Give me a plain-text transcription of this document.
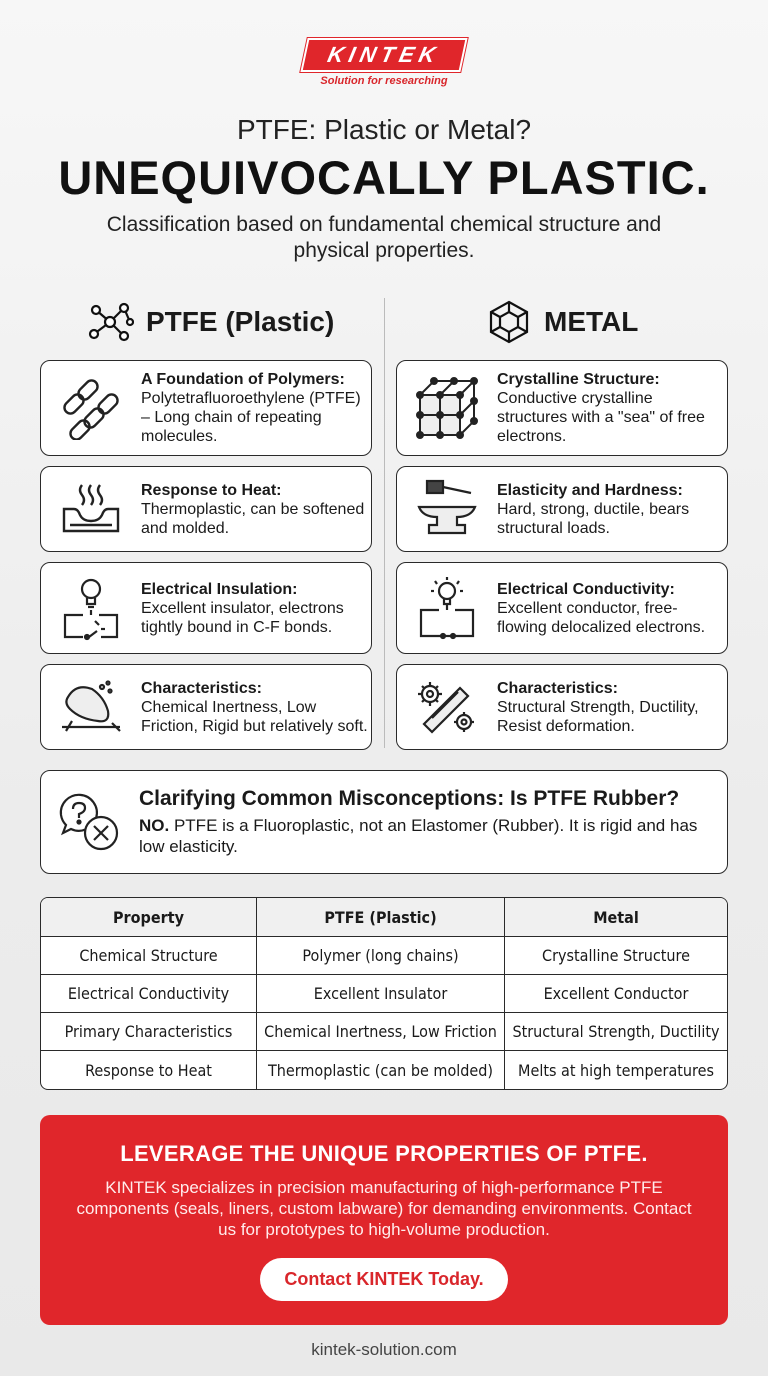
KINTEK
Solution for researching
PTFE: Plastic or Metal?
UNEQUIVOCALLY PLASTIC.
Classification based on fundamental chemical structure and physical properties.
PTFE (Plastic)	METAL
A Foundation of Polymers:
Polytetrafluoroethylene (PTFE) – Long chain of repeating molecules.
Response to Heat:
Thermoplastic, can be softened and molded.
Electrical Insulation:
Excellent insulator, electrons tightly bound in C-F bonds.
Characteristics:
Chemical Inertness, Low Friction, Rigid but relatively soft.
Crystalline Structure:
Conductive crystalline structures with a "sea" of free electrons.
Elasticity and Hardness:
Hard, strong, ductile, bears structural loads.
Electrical Conductivity:
Excellent conductor, free-flowing delocalized electrons.
Characteristics:
Structural Strength, Ductility, Resist deformation.
Clarifying Common Misconceptions: Is PTFE Rubber?

NO. PTFE is a Fluoroplastic, not an Elastomer (Rubber). It is rigid and has low elasticity.

Property	PTFE (Plastic)	Metal
Chemical Structure	Polymer (long chains)	Crystalline Structure
Electrical Conductivity	Excellent Insulator	Excellent Conductor
Primary Characteristics	Chemical Inertness, Low Friction	Structural Strength, Ductility
Response to Heat	Thermoplastic (can be molded)	Melts at high temperatures
LEVERAGE THE UNIQUE PROPERTIES OF PTFE.

KINTEK specializes in precision manufacturing of high-performance PTFE components (seals, liners, custom labware) for demanding environments. Contact us for prototypes to high-volume production.

Contact KINTEK Today.
kintek-solution.com
